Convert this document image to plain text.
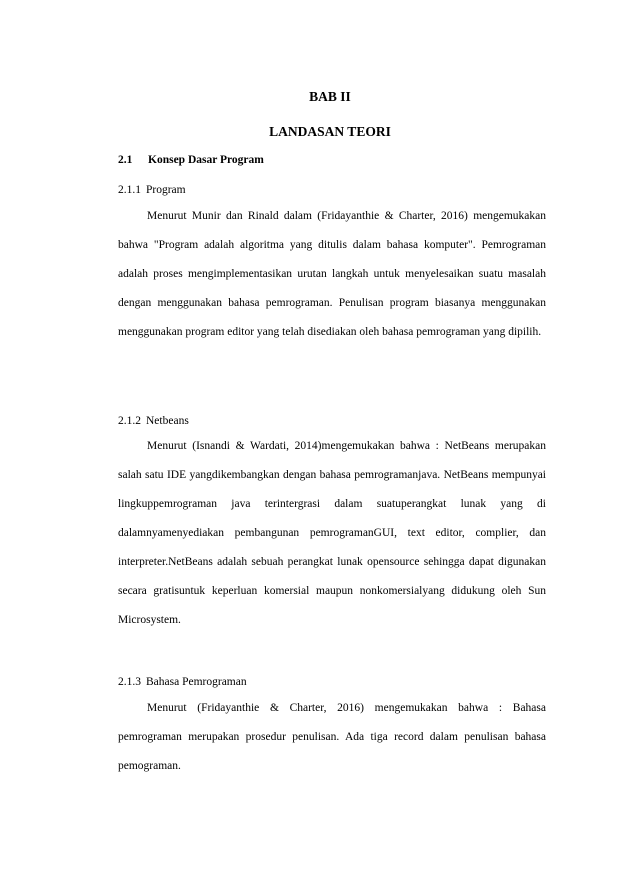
BAB II
LANDASAN TEORI
2.1 Konsep Dasar Program
2.1.1 Program

Menurut Munir dan Rinald dalam (Fridayanthie & Charter, 2016) mengemukakan bahwa "Program adalah algoritma yang ditulis dalam bahasa komputer". Pemrograman adalah proses mengimplementasikan urutan langkah untuk menyelesaikan suatu masalah dengan menggunakan bahasa pemrograman. Penulisan program biasanya menggunakan menggunakan program editor yang telah disediakan oleh bahasa pemrograman yang dipilih.

2.1.2 Netbeans

Menurut (Isnandi & Wardati, 2014)mengemukakan bahwa : NetBeans merupakan salah satu IDE yangdikembangkan dengan bahasa pemrogramanjava. NetBeans mempunyai lingkuppemrograman java terintergrasi dalam suatuperangkat lunak yang di dalamnyamenyediakan pembangunan pemrogramanGUI, text editor, complier, dan interpreter.NetBeans adalah sebuah perangkat lunak opensource sehingga dapat digunakan secara gratisuntuk keperluan komersial maupun nonkomersialyang didukung oleh Sun Microsystem.

2.1.3 Bahasa Pemrograman

Menurut (Fridayanthie & Charter, 2016) mengemukakan bahwa : Bahasa pemrograman merupakan prosedur penulisan. Ada tiga record dalam penulisan bahasa pemograman.
